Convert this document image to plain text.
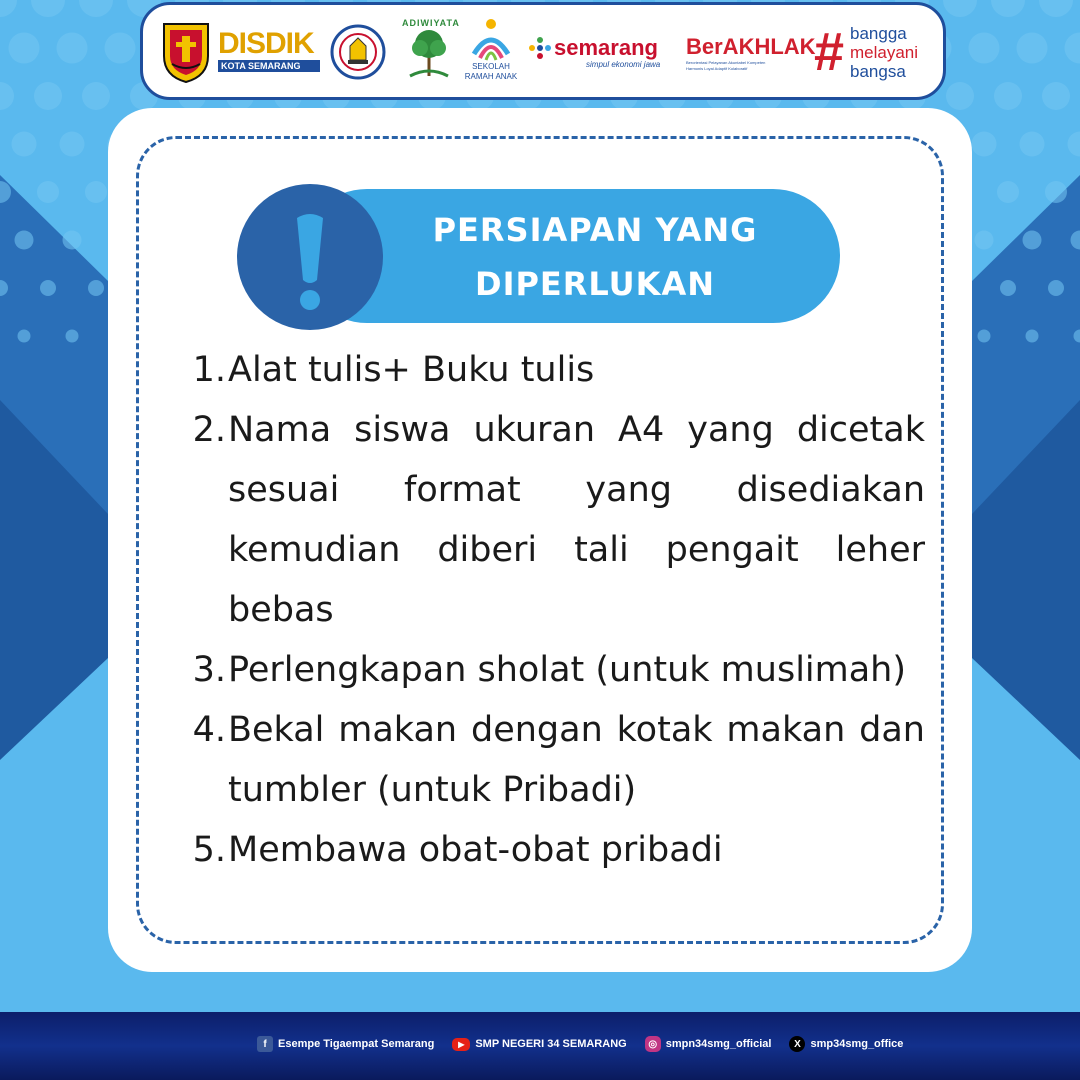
DISDIK
KOTA SEMARANG
ADIWIYATA
SEKOLAH
RAMAH ANAK
semarang
simpul ekonomi jawa
BerAKHLAK
Berorientasi Pelayanan Akuntabel Kompeten
Harmonis Loyal Adaptif Kolaboratif	# bangga
melayani
bangsa
PERSIAPAN YANG
DIPERLUKAN
1. Alat tulis+ Buku tulis
2. Nama siswa ukuran A4 yang dicetak sesuai format yang disediakan kemudian diberi tali pengait leher bebas
3. Perlengkapan sholat (untuk muslimah)
4. Bekal makan dengan kotak makan dan tumbler (untuk Pribadi)
5. Membawa obat-obat pribadi
f	Esempe Tigaempat Semarang	▶ SMP NEGERI 34 SEMARANG	◎ smpn34smg_official	X smp34smg_office
